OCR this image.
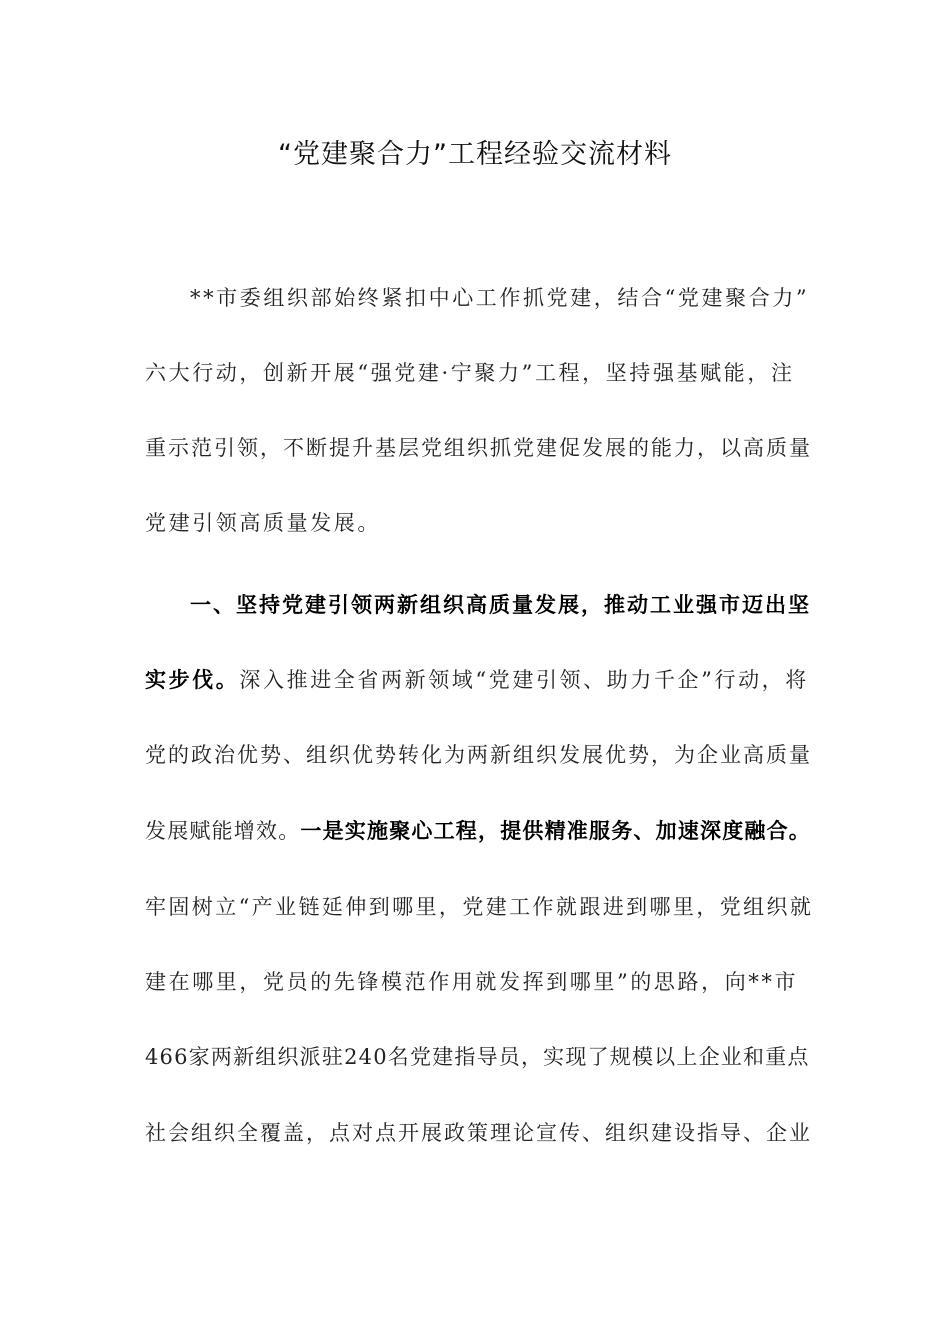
“党建聚合力”工程经验交流材料
**市委组织部始终紧扣中心工作抓党建，结合“党建聚合力”
六大行动，创新开展“强党建·宁聚力”工程，坚持强基赋能，注
重示范引领，不断提升基层党组织抓党建促发展的能力，以高质量
党建引领高质量发展。
一、坚持党建引领两新组织高质量发展，推动工业强市迈出坚
实步伐。深入推进全省两新领域“党建引领、助力千企”行动，将
党的政治优势、组织优势转化为两新组织发展优势，为企业高质量
发展赋能增效。一是实施聚心工程，提供精准服务、加速深度融合。
牢固树立“产业链延伸到哪里，党建工作就跟进到哪里，党组织就
建在哪里，党员的先锋模范作用就发挥到哪里”的思路，向**市
466家两新组织派驻240名党建指导员，实现了规模以上企业和重点
社会组织全覆盖，点对点开展政策理论宣传、组织建设指导、企业
